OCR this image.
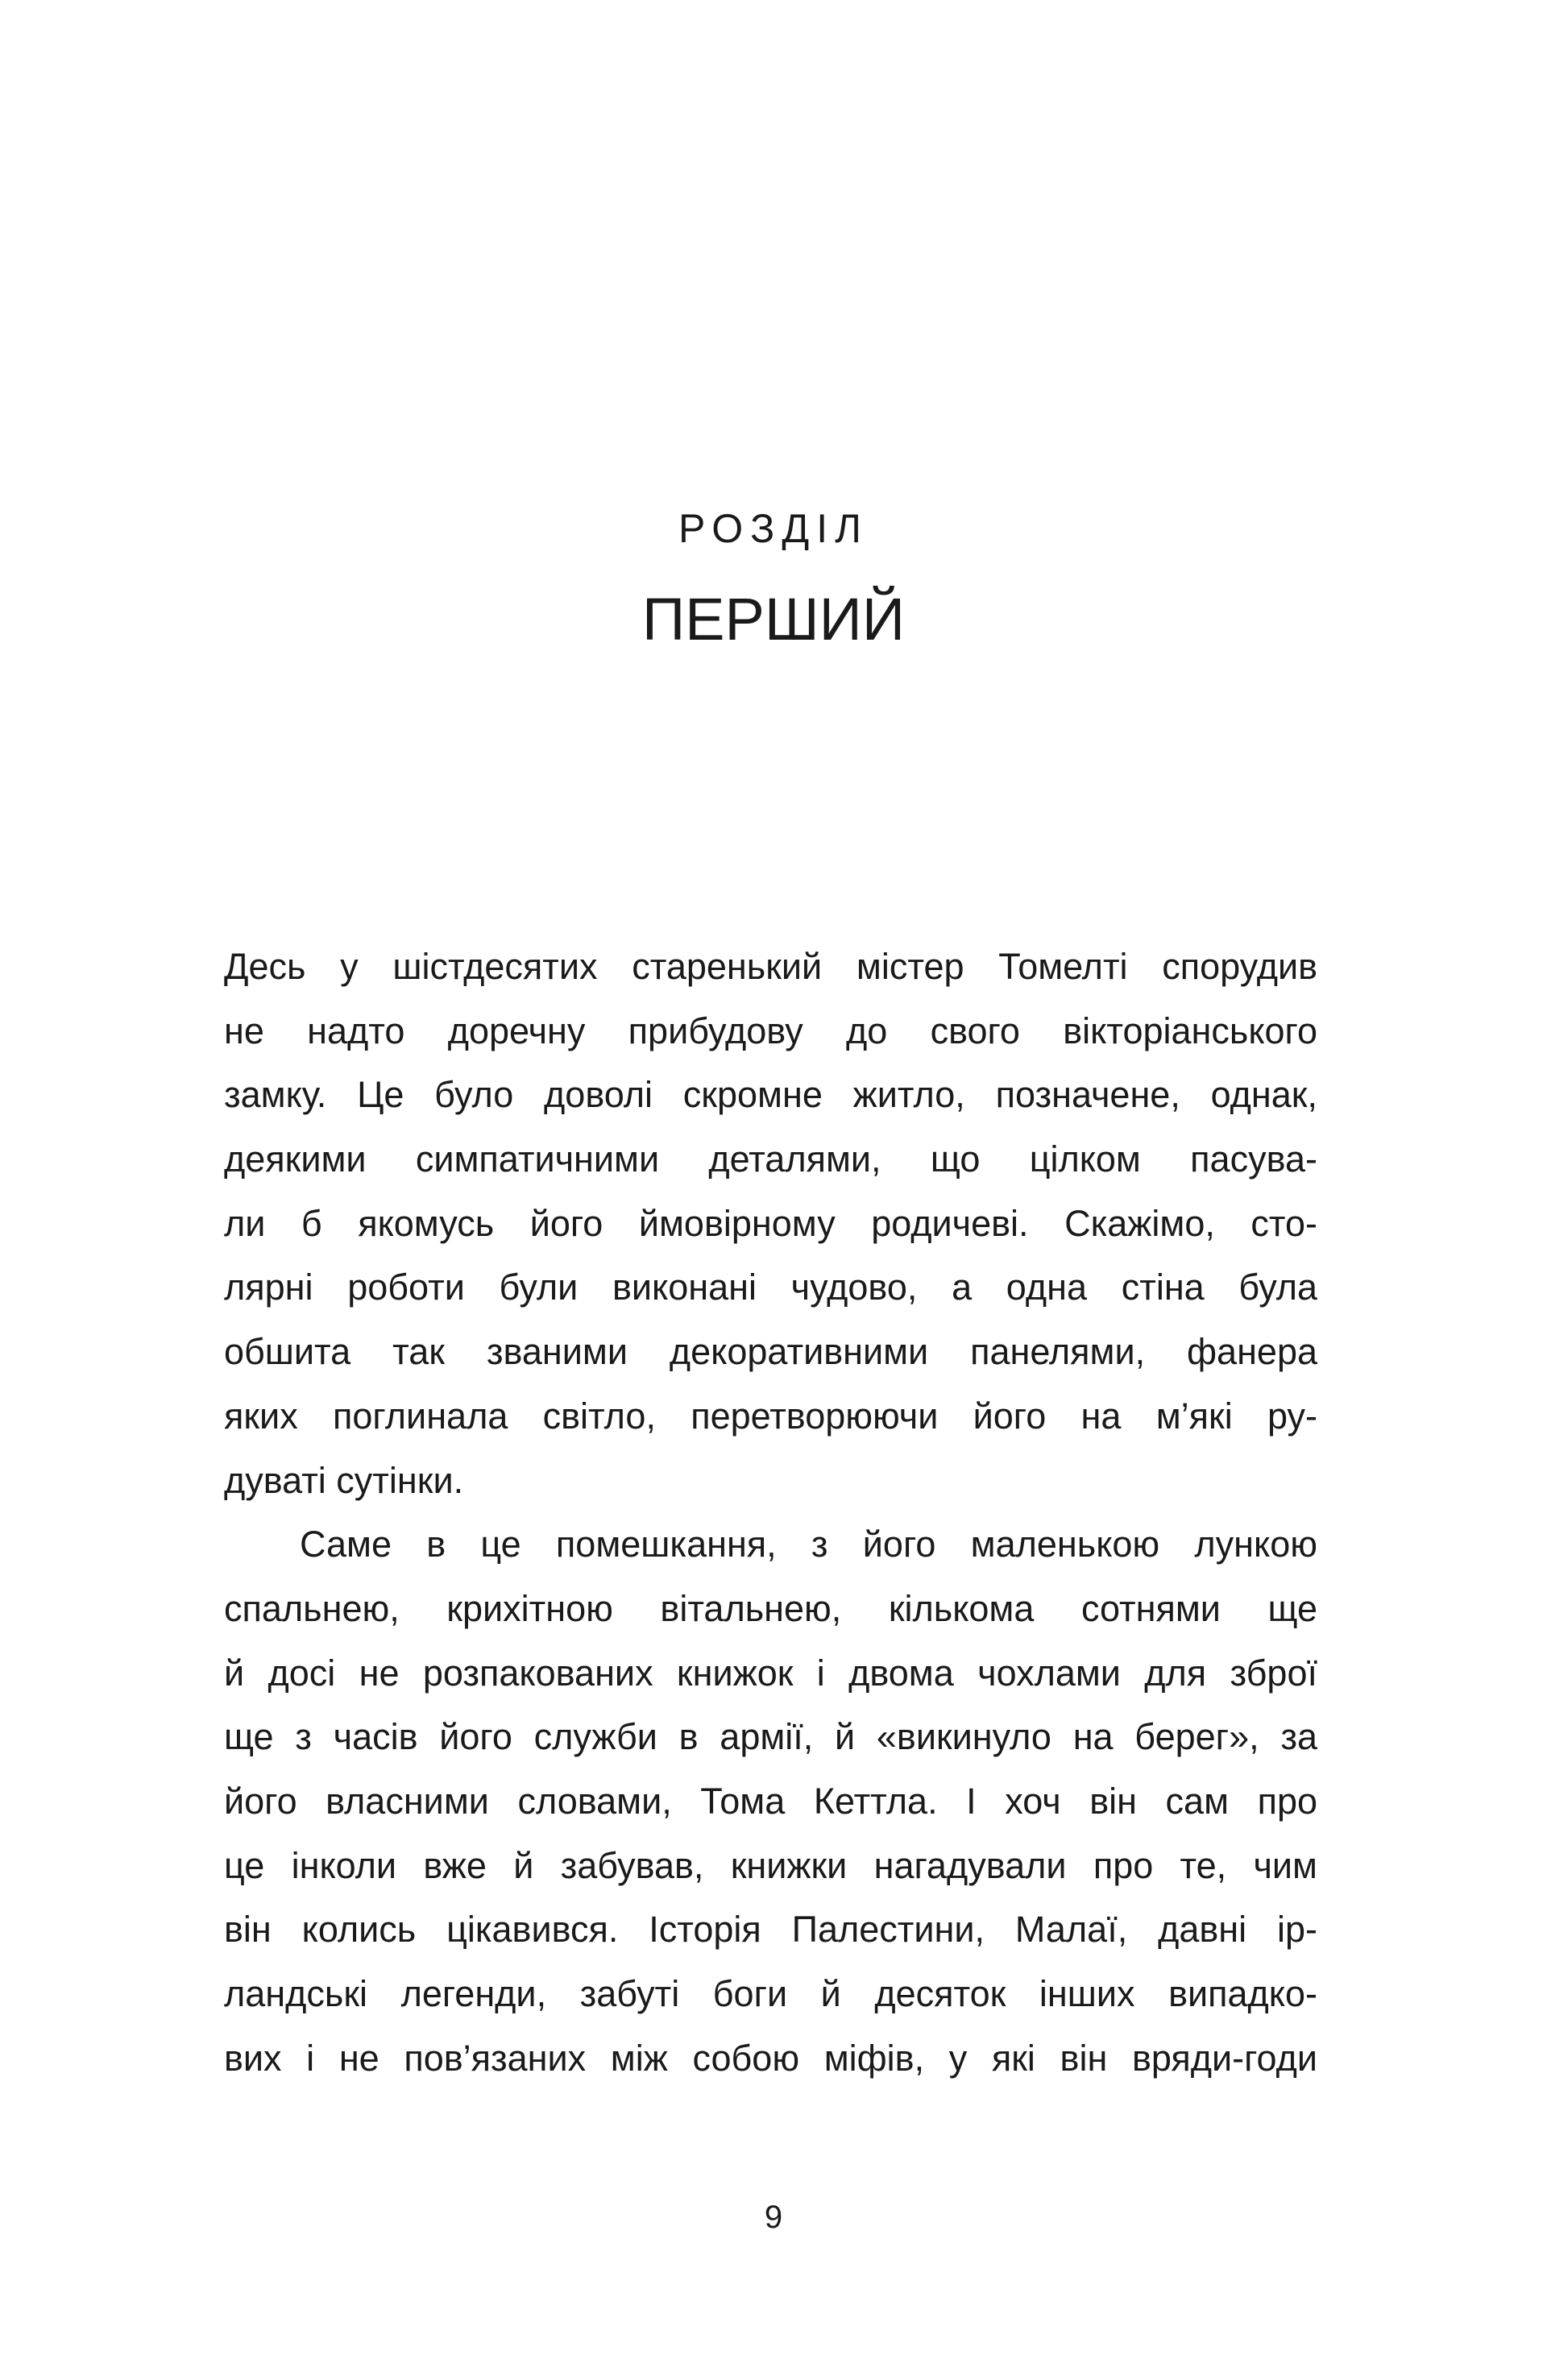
РОЗДІЛ
ПЕРШИЙ
Десь у шістдесятих старенький містер Томелті спорудив
не надто доречну прибудову до свого вікторіанського
замку. Це було доволі скромне житло, позначене, однак,
деякими симпатичними деталями, що цілком пасува-
ли б якомусь його ймовірному родичеві. Скажімо, сто-
лярні роботи були виконані чудово, а одна стіна була
обшита так званими декоративними панелями, фанера
яких поглинала світло, перетворюючи його на м’які ру-
дуваті сутінки.
Саме в це помешкання, з його маленькою лункою
спальнею, крихітною вітальнею, кількома сотнями ще
й досі не розпакованих книжок і двома чохлами для зброї
ще з часів його служби в армії, й «викинуло на берег», за
його власними словами, Тома Кеттла. І хоч він сам про
це інколи вже й забував, книжки нагадували про те, чим
він колись цікавився. Історія Палестини, Малаї, давні ір-
ландські легенди, забуті боги й десяток інших випадко-
вих і не пов’язаних між собою міфів, у які він вряди-годи
9
